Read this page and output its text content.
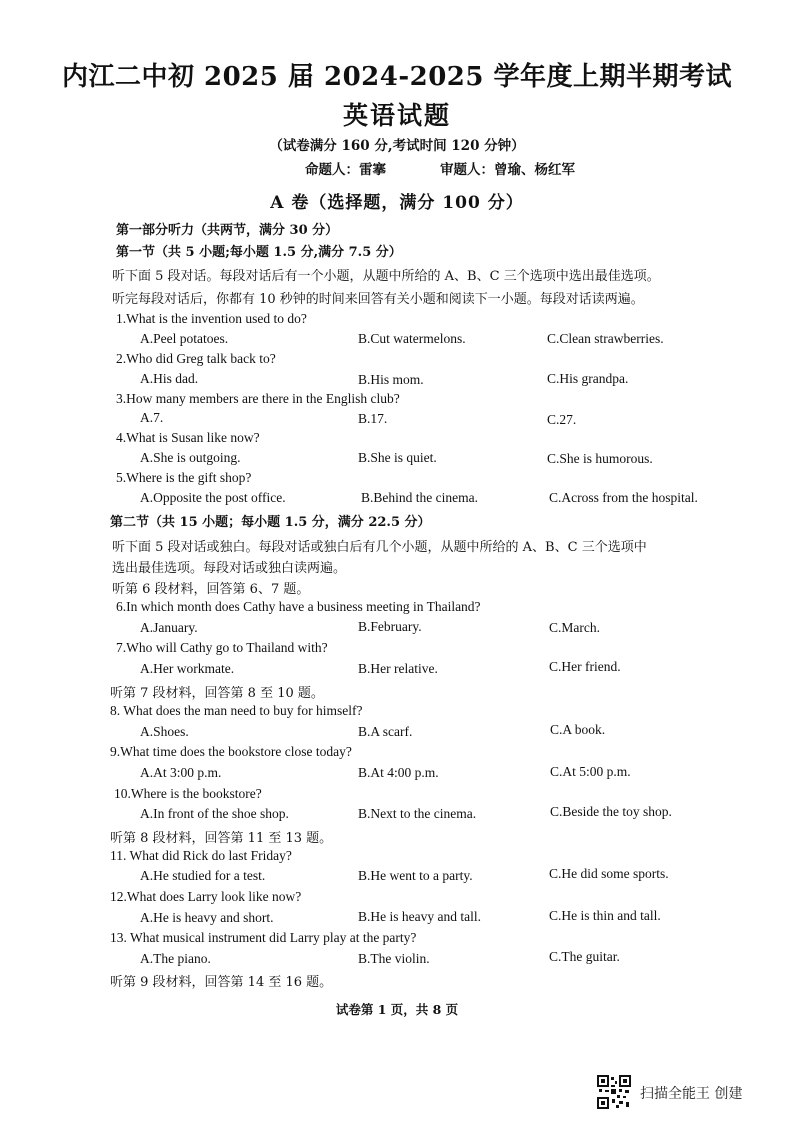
内江二中初 2025 届 2024-2025 学年度上期半期考试
英语试题
（试卷满分 160 分,考试时间 120 分钟）
命题人：雷搴	审题人：曾瑜、杨红军
A 卷（选择题，满分 100 分）
第一部分听力（共两节，满分 30 分）
第一节（共 5 小题;每小题 1.5 分,满分 7.5 分）
听下面 5 段对话。每段对话后有一个小题，从题中所给的 A、B、C 三个选项中选出最佳选项。
听完每段对话后，你都有 10 秒钟的时间来回答有关小题和阅读下一小题。每段对话读两遍。
1.What is the invention used to do?
A.Peel potatoes.	B.Cut watermelons.	C.Clean strawberries.
2.Who did Greg talk back to?
A.His dad.	B.His mom.	C.His grandpa.
3.How many members are there in the English club?
A.7.	B.17.	C.27.
4.What is Susan like now?
A.She is outgoing.	B.She is quiet.	C.She is humorous.
5.Where is the gift shop?
A.Opposite the post office.	B.Behind the cinema.	C.Across from the hospital.
第二节（共 15 小题；每小题 1.5 分，满分 22.5 分）
听下面 5 段对话或独白。每段对话或独白后有几个小题，从题中所给的 A、B、C 三个选项中
选出最佳选项。每段对话或独白读两遍。
听第 6 段材料，回答第 6、7 题。
6.In which month does Cathy have a business meeting in Thailand?
A.January.	B.February.	C.March.
7.Who will Cathy go to Thailand with?
A.Her workmate.	B.Her relative.	C.Her friend.
听第 7 段材料，回答第 8 至 10 题。
8. What does the man need to buy for himself?
A.Shoes.	B.A scarf.	C.A book.
9.What time does the bookstore close today?
A.At 3:00 p.m.	B.At 4:00 p.m.	C.At 5:00 p.m.
10.Where is the bookstore?
A.In front of the shoe shop.	B.Next to the cinema.	C.Beside the toy shop.
听第 8 段材料，回答第 11 至 13 题。
11. What did Rick do last Friday?
A.He studied for a test.	B.He went to a party.	C.He did some sports.
12.What does Larry look like now?
A.He is heavy and short.	B.He is heavy and tall.	C.He is thin and tall.
13. What musical instrument did Larry play at the party?
A.The piano.	B.The violin.	C.The guitar.
听第 9 段材料，回答第 14 至 16 题。
试卷第 1 页，共 8 页
扫描全能王 创建
